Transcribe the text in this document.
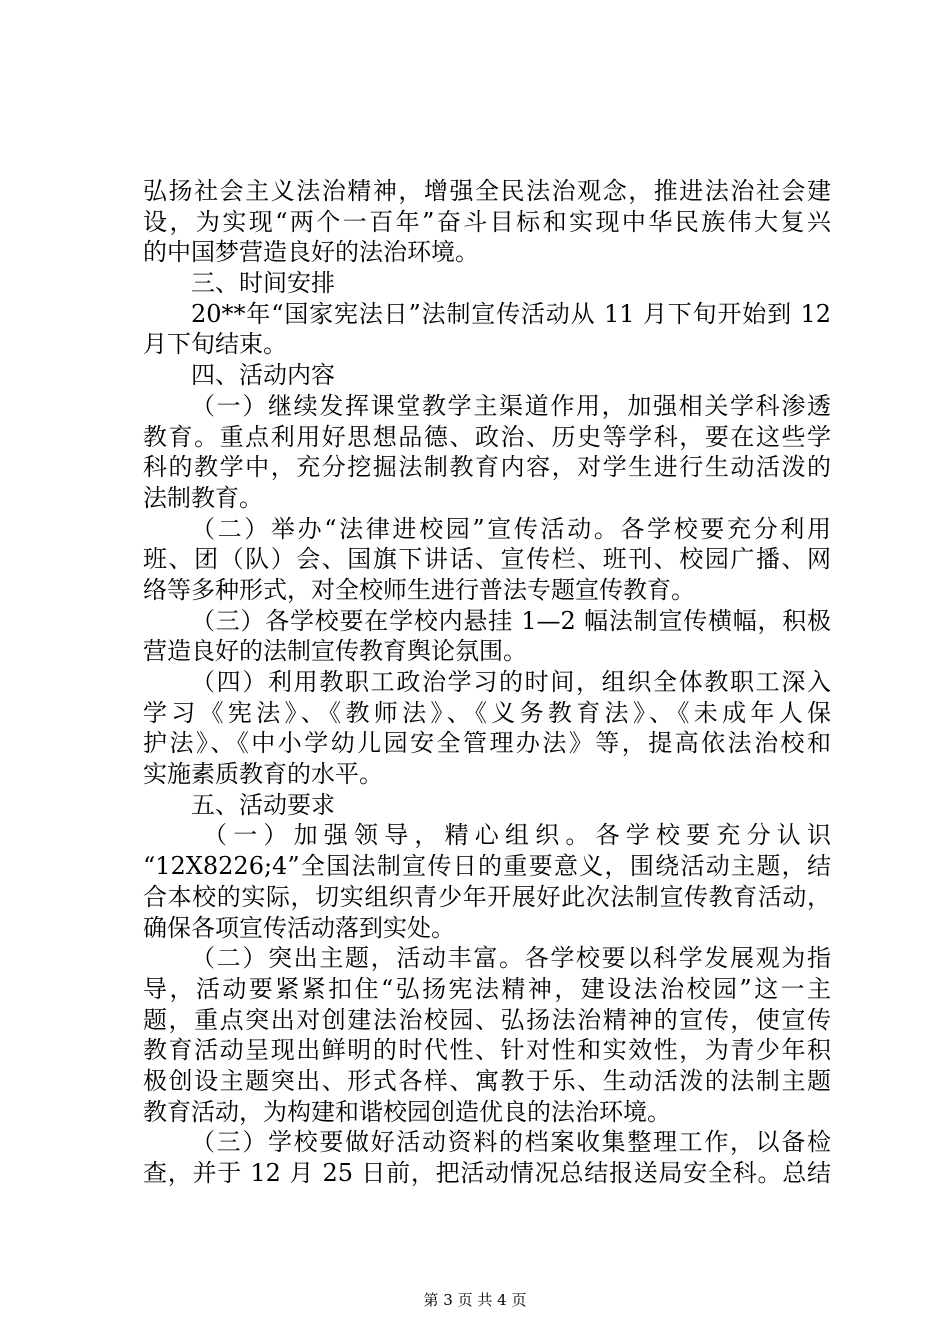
弘扬社会主义法治精神，增强全民法治观念，推进法治社会建
设，为实现“两个一百年”奋斗目标和实现中华民族伟大复兴
的中国梦营造良好的法治环境。
三、时间安排
20**年“国家宪法日”法制宣传活动从 11 月下旬开始到 12
月下旬结束。
四、活动内容
（一）继续发挥课堂教学主渠道作用，加强相关学科渗透
教育。重点利用好思想品德、政治、历史等学科，要在这些学
科的教学中，充分挖掘法制教育内容，对学生进行生动活泼的
法制教育。
（二）举办“法律进校园”宣传活动。各学校要充分利用
班、团（队）会、国旗下讲话、宣传栏、班刊、校园广播、网
络等多种形式，对全校师生进行普法专题宣传教育。
（三）各学校要在学校内悬挂 1—2 幅法制宣传横幅，积极
营造良好的法制宣传教育舆论氛围。
（四）利用教职工政治学习的时间，组织全体教职工深入
学习《宪法》、《教师法》、《义务教育法》、《未成年人保
护法》、《中小学幼儿园安全管理办法》等，提高依法治校和
实施素质教育的水平。
五、活动要求
（一）加强领导，精心组织。各学校要充分认识
“12X8226;4”全国法制宣传日的重要意义，围绕活动主题，结
合本校的实际，切实组织青少年开展好此次法制宣传教育活动，
确保各项宣传活动落到实处。
（二）突出主题，活动丰富。各学校要以科学发展观为指
导，活动要紧紧扣住“弘扬宪法精神，建设法治校园”这一主
题，重点突出对创建法治校园、弘扬法治精神的宣传，使宣传
教育活动呈现出鲜明的时代性、针对性和实效性，为青少年积
极创设主题突出、形式各样、寓教于乐、生动活泼的法制主题
教育活动，为构建和谐校园创造优良的法治环境。
（三）学校要做好活动资料的档案收集整理工作，以备检
查，并于 12 月 25 日前，把活动情况总结报送局安全科。总结
第 3 页 共 4 页
